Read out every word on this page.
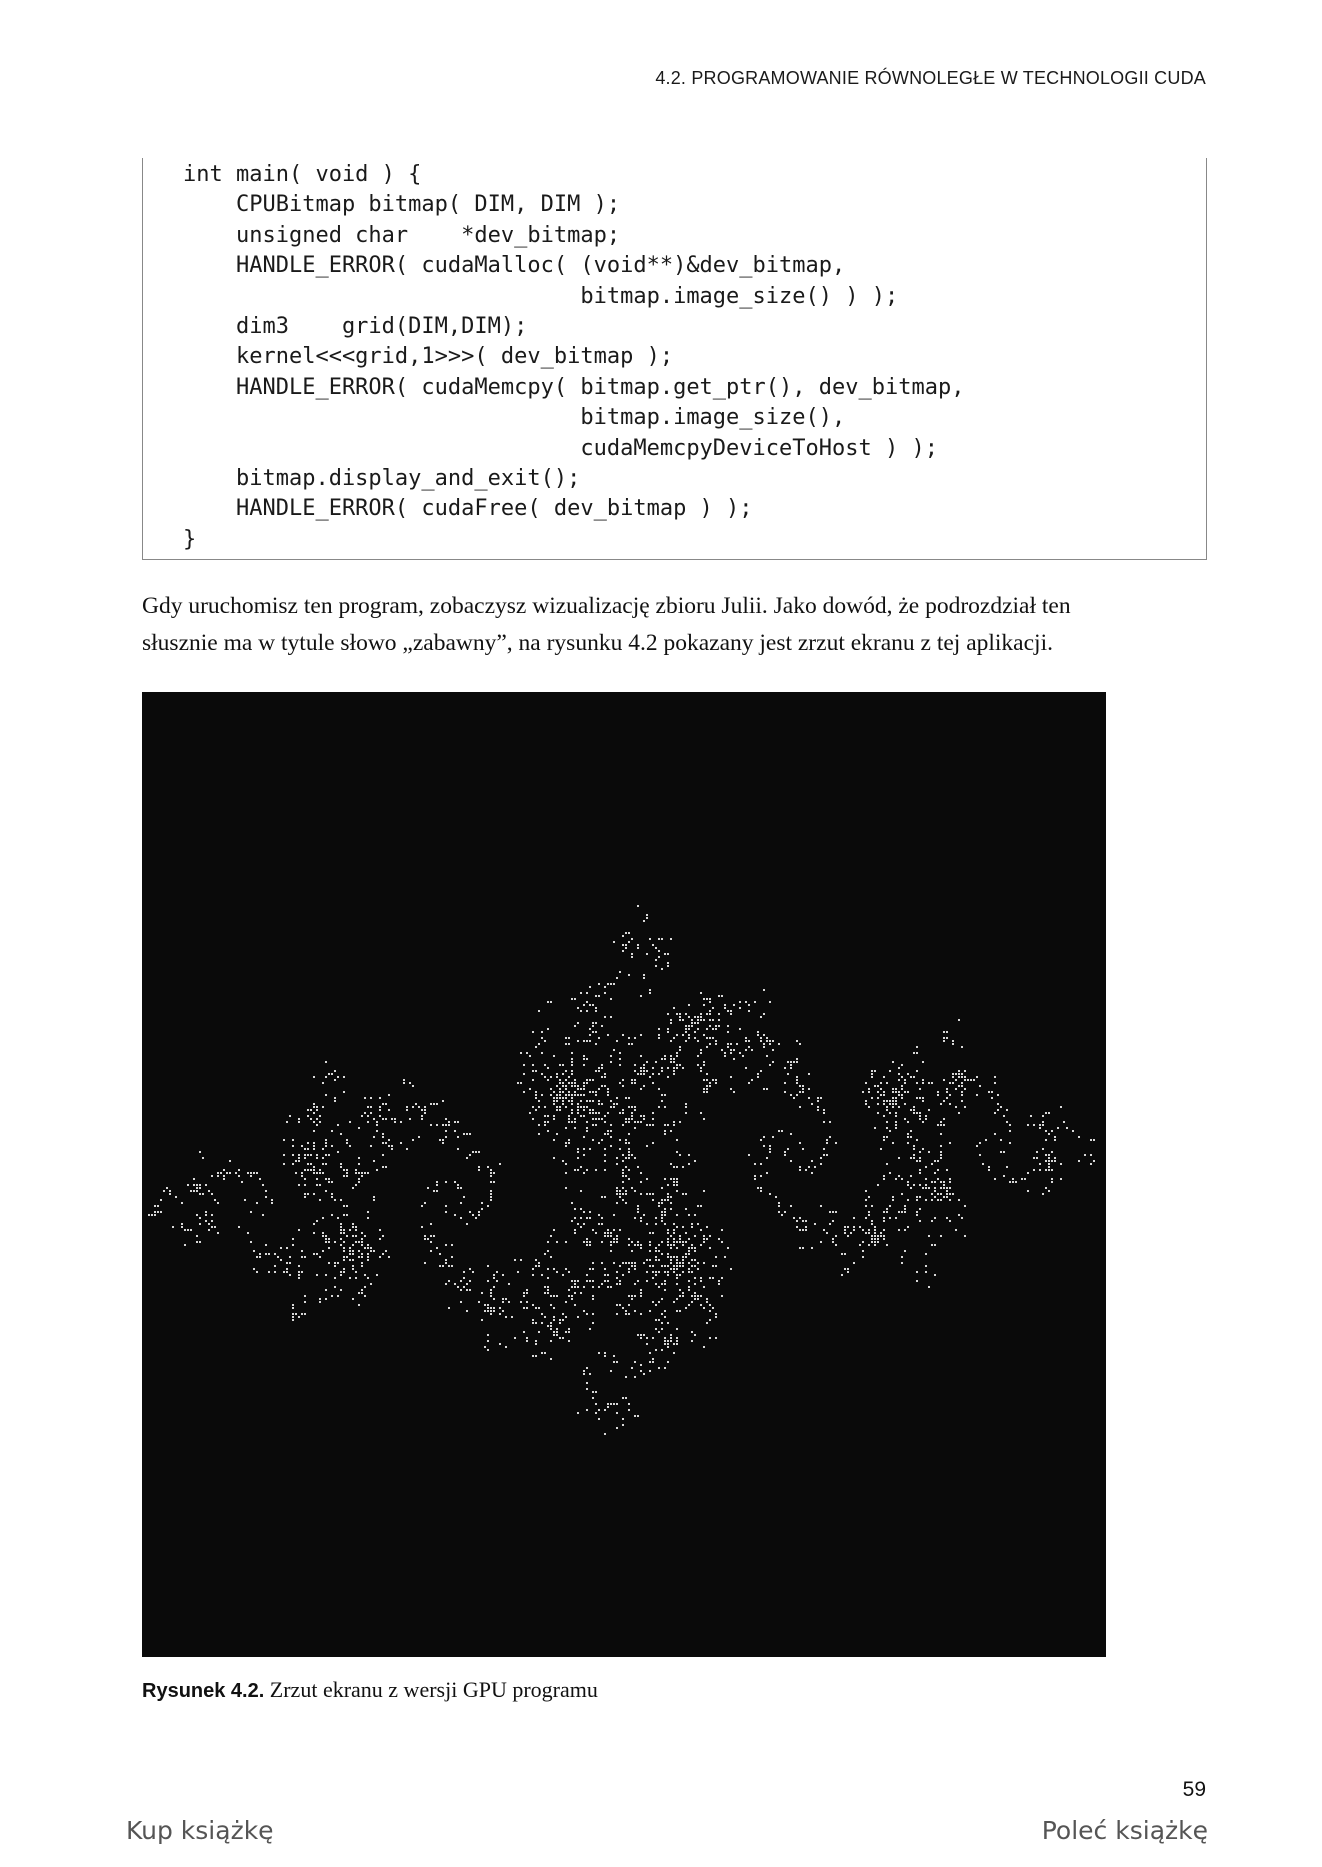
4.2. PROGRAMOWANIE RÓWNOLEGŁE W TECHNOLOGII CUDA
int main( void ) {
CPUBitmap bitmap( DIM, DIM );
unsigned char    *dev_bitmap;
HANDLE_ERROR( cudaMalloc( (void**)&dev_bitmap,
bitmap.image_size() ) );
dim3    grid(DIM,DIM);
kernel<<<grid,1>>>( dev_bitmap );
HANDLE_ERROR( cudaMemcpy( bitmap.get_ptr(), dev_bitmap,
bitmap.image_size(),
cudaMemcpyDeviceToHost ) );
bitmap.display_and_exit();
HANDLE_ERROR( cudaFree( dev_bitmap ) );
}

Gdy uruchomisz ten program, zobaczysz wizualizację zbioru Julii. Jako dowód, że podrozdział ten
słusznie ma w tytule słowo „zabawny”, na rysunku 4.2 pokazany jest zrzut ekranu z tej aplikacji.

Rysunek 4.2. Zrzut ekranu z wersji GPU programu
59
Kup książkę	Poleć książkę
